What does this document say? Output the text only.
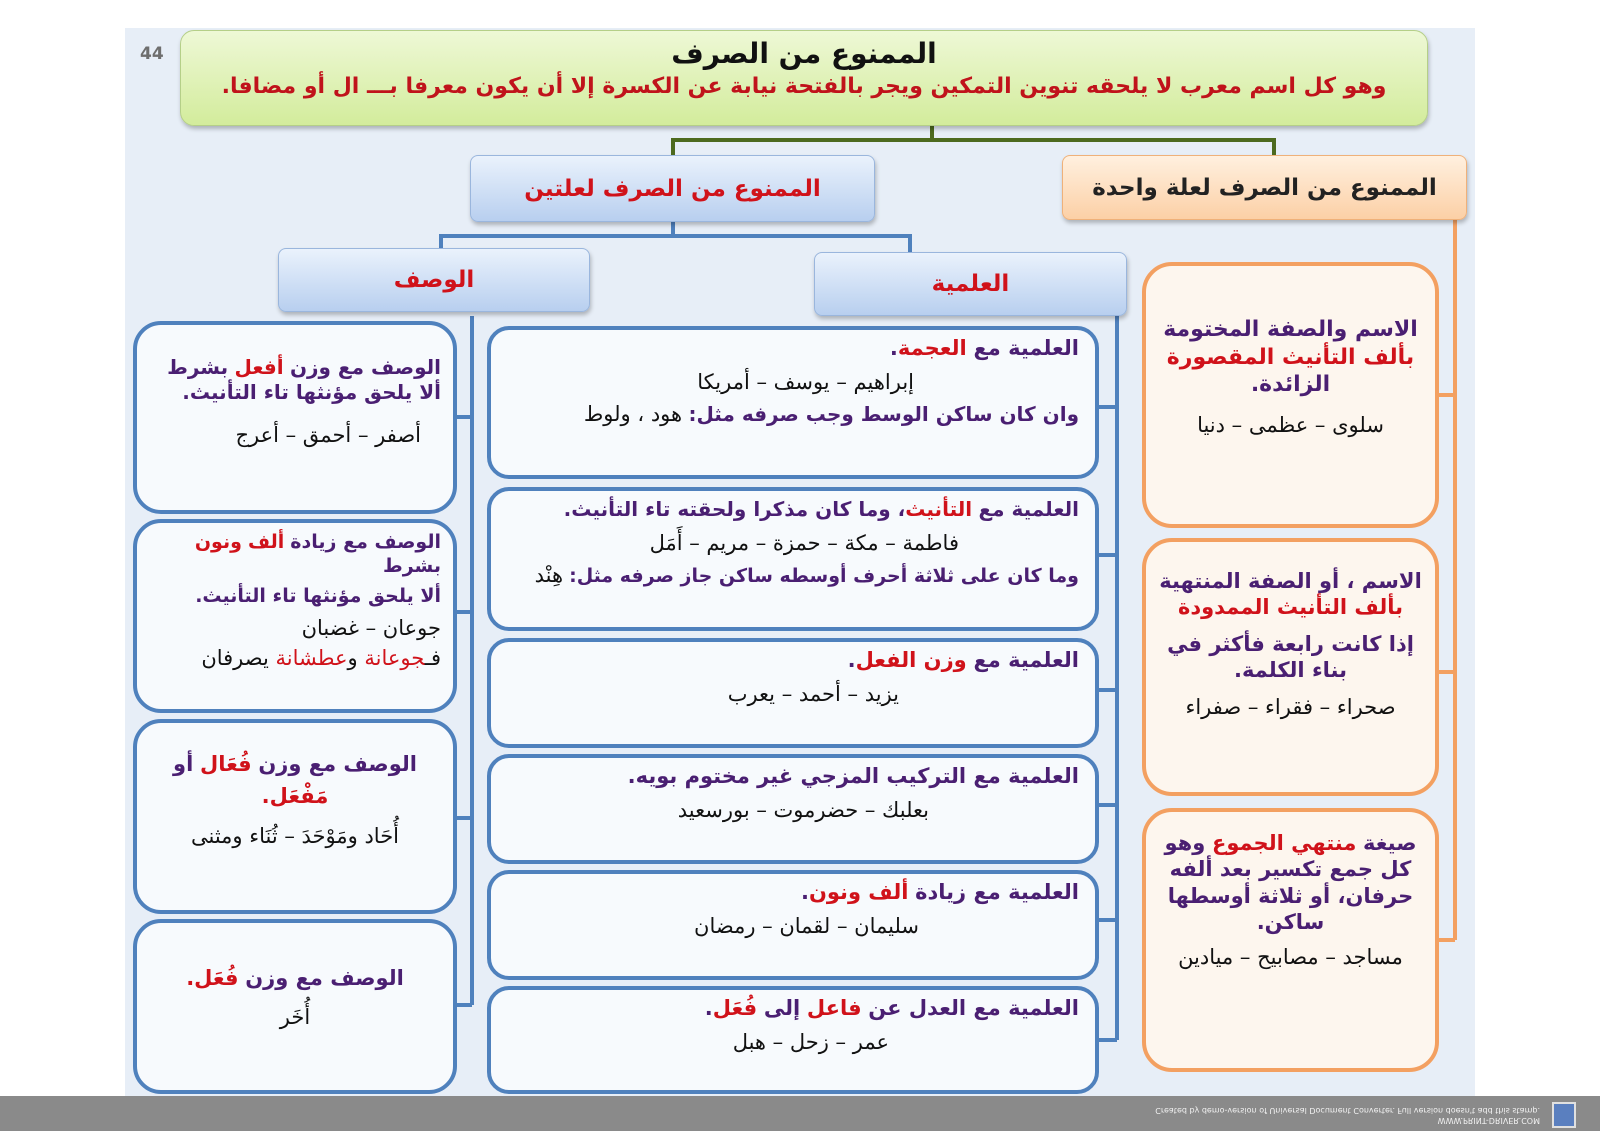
44	الممنوع من الصرف
وهو كل اسم معرب لا يلحقه تنوين التمكين ويجر بالفتحة نيابة عن الكسرة إلا أن يكون معرفا بـــ ال أو مضافا.
الممنوع من الصرف لعلة واحدة
الممنوع من الصرف لعلتين
العلمية
الوصف
الاسم والصفة المختومة
بألف التأنيث المقصورة
الزائدة.
سلوى – عظمى – دنيا
الاسم ، أو الصفة المنتهية
بألف التأنيث الممدودة
إذا كانت رابعة فأكثر في بناء الكلمة.
صحراء – فقراء – صفراء
صيغة منتهي الجموع وهو كل جمع تكسير بعد ألفه حرفان، أو ثلاثة أوسطها ساكن.
مساجد – مصابيح – ميادين
العلمية مع العجمة.
إبراهيم – يوسف – أمريكا
وان كان ساكن الوسط وجب صرفه مثل: هود ، ولوط
العلمية مع التأنيث، وما كان مذكرا ولحقته تاء التأنيث.
فاطمة – مكة – حمزة – مريم – أَمَل
وما كان على ثلاثة أحرف أوسطه ساكن جاز صرفه مثل: هِنْد
العلمية مع وزن الفعل.
يزيد – أحمد – يعرب
العلمية مع التركيب المزجي غير مختوم بويه.
بعلبك – حضرموت – بورسعيد
العلمية مع زيادة ألف ونون.
سليمان – لقمان – رمضان
العلمية مع العدل عن فاعل إلى فُعَل.
عمر – زحل – هبل
الوصف مع وزن أفعل بشرط
ألا يلحق مؤنثها تاء التأنيث.
أصفر – أحمق – أعرج
الوصف مع زيادة ألف ونون بشرط
ألا يلحق مؤنثها تاء التأنيث.
جوعان – غضبان
فـجوعانة وعطشانة يصرفان
الوصف مع وزن فُعَال أو
مَفْعَل.
أُحَاد ومَوْحَدَ – ثُنَاء ومثنى
الوصف مع وزن فُعَل.
أُخَر
WWW.PRINT-DRIVER.COM
Created by demo-version of Universal Document Converter. Full version doesn't add this stamp.
